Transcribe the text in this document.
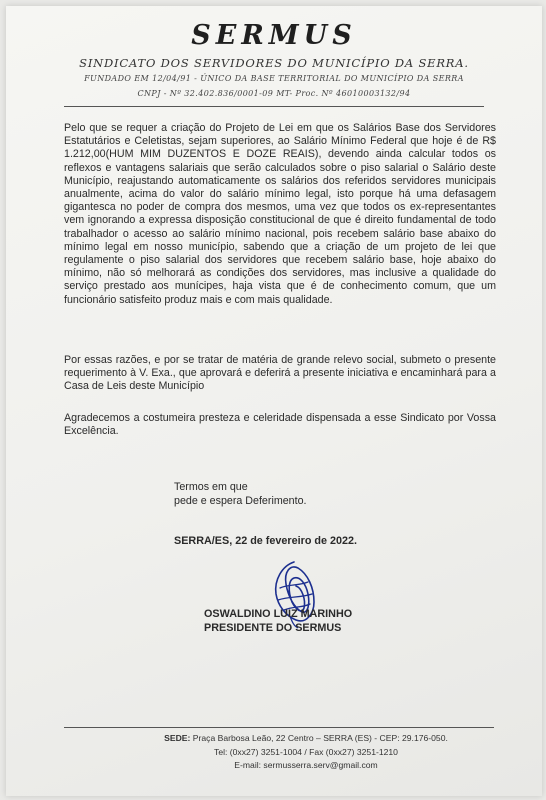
SERMUS
SINDICATO DOS SERVIDORES DO MUNICÍPIO DA SERRA.
FUNDADO EM 12/04/91 - ÚNICO DA BASE TERRITORIAL DO MUNICÍPIO DA SERRA
CNPJ - Nº 32.402.836/0001-09 MT- Proc. Nº 46010003132/94
Pelo que se requer a criação do Projeto de Lei em que os Salários Base dos Servidores Estatutários e Celetistas, sejam superiores, ao Salário Mínimo Federal que hoje é de R$ 1.212,00(HUM MIM DUZENTOS E DOZE REAIS), devendo ainda calcular todos os reflexos e vantagens salariais que serão calculados sobre o piso salarial o Salário deste Município, reajustando automaticamente os salários dos referidos servidores municipais anualmente, acima do valor do salário mínimo legal, isto porque há uma defasagem gigantesca no poder de compra dos mesmos, uma vez que todos os ex-representantes vem ignorando a expressa disposição constitucional de que é direito fundamental de todo trabalhador o acesso ao salário mínimo nacional, pois recebem salário base abaixo do mínimo legal em nosso município, sabendo que a criação de um projeto de lei que regulamente o piso salarial dos servidores que recebem salário base, hoje abaixo do mínimo, não só melhorará as condições dos servidores, mas inclusive a qualidade do serviço prestado aos munícipes, haja vista que é de conhecimento comum, que um funcionário satisfeito produz mais e com mais qualidade.
Por essas razões, e por se tratar de matéria de grande relevo social, submeto o presente requerimento à V. Exa., que aprovará e deferirá a presente iniciativa e encaminhará para a Casa de Leis deste Município
Agradecemos a costumeira presteza e celeridade dispensada a esse Sindicato por Vossa Excelência.
Termos em que
pede e espera Deferimento.
SERRA/ES, 22 de fevereiro de 2022.
OSWALDINO LUIZ MARINHO
PRESIDENTE DO SERMUS
SEDE: Praça Barbosa Leão, 22 Centro – SERRA (ES) - CEP: 29.176-050.
Tel: (0xx27) 3251-1004 / Fax (0xx27) 3251-1210
E-mail: sermusserra.serv@gmail.com
